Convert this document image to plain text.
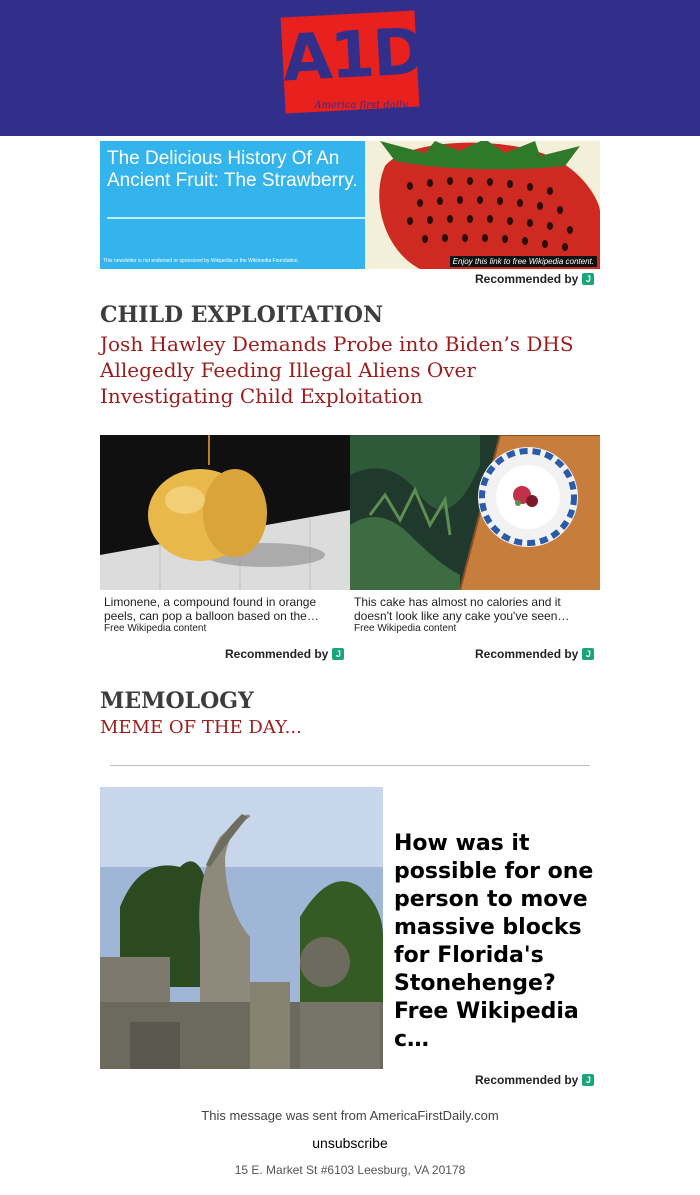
A1D
America first daily
The Delicious History Of An Ancient Fruit: The Strawberry.
This newsletter is not endorsed or sponsored by Wikipedia or the Wikimedia Foundation.	Enjoy this link to free Wikipedia content.
Recommended by J
CHILD EXPLOITATION
Josh Hawley Demands Probe into Biden’s DHS Allegedly Feeding Illegal Aliens Over Investigating Child Exploitation
Limonene, a compound found in orange peels, can pop a balloon based on the…
Free Wikipedia content
Recommended by J
This cake has almost no calories and it doesn't look like any cake you've seen…
Free Wikipedia content
Recommended by J
MEMOLOGY
MEME OF THE DAY...
How was it possible for one person to move massive blocks for Florida's Stonehenge? Free Wikipedia c…
Recommended by J
This message was sent from AmericaFirstDaily.com
unsubscribe
15 E. Market St #6103 Leesburg, VA 20178
